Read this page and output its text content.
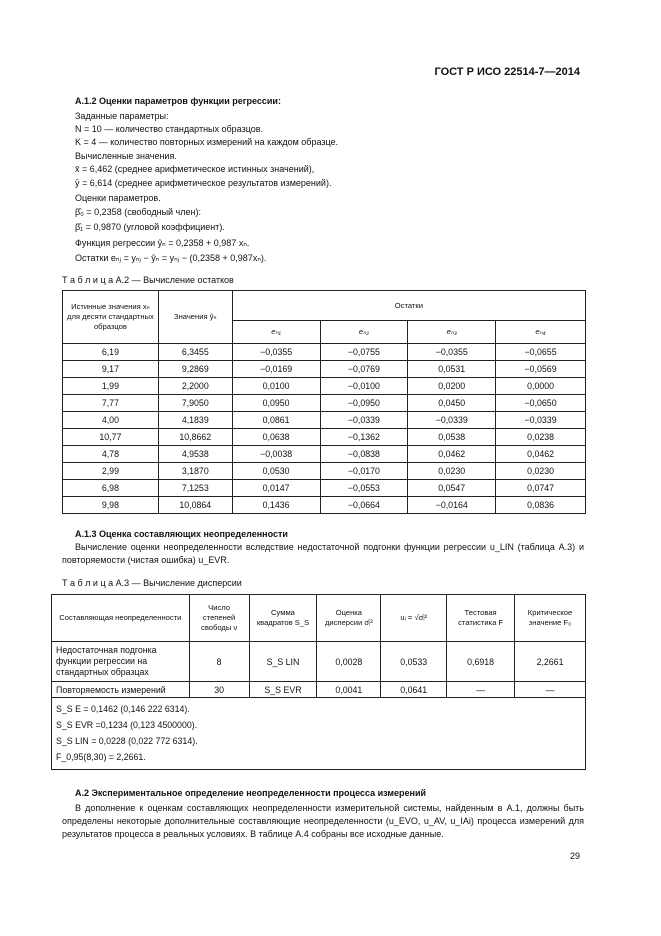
ГОСТ Р ИСО 22514-7—2014
А.1.2 Оценки параметров функции регрессии:
Заданные параметры:
N = 10 — количество стандартных образцов.
K = 4 — количество повторных измерений на каждом образце.
Вычисленные значения.
x̄ = 6,462 (среднее арифметическое истинных значений),
ȳ = 6,614 (среднее арифметическое результатов измерений).
Оценки параметров.
β̂₀ = 0,2358 (свободный член):
β̂₁ = 0,9870 (угловой коэффициент).
Функция регрессии ŷₙ = 0,2358 + 0,987 xₙ.
Остатки eₙⱼ = yₙⱼ − ŷₙ = yₙⱼ − (0,2358 + 0,987xₙ).
Т а б л и ц а А.2 — Вычисление остатков
Истинные значения xₙ для десяти стандартных образцов	Значения ŷₙ	Остатки			
		eₙ₁	eₙ₂	eₙ₃	eₙ₄
6,19	6,3455	−0,0355	−0,0755	−0,0355	−0,0655
9,17	9,2869	−0,0169	−0,0769	0,0531	−0,0569
1,99	2,2000	0,0100	−0,0100	0,0200	0,0000
7,77	7,9050	0,0950	−0,0950	0,0450	−0,0650
4,00	4,1839	0,0861	−0,0339	−0,0339	−0,0339
10,77	10,8662	0,0638	−0,1362	0,0538	0,0238
4,78	4,9538	−0,0038	−0,0838	0,0462	0,0462
2,99	3,1870	0,0530	−0,0170	0,0230	0,0230
6,98	7,1253	0,0147	−0,0553	0,0547	0,0747
9,98	10,0864	0,1436	−0,0664	−0,0164	0,0836
А.1.3 Оценка составляющих неопределенности
Вычисление оценки неопределенности вследствие недостаточной подгонки функции регрессии u_LIN (таблица А.3) и повторяемости (чистая ошибка) u_EVR.
Т а б л и ц а А.3 — Вычисление дисперсии
Составляющая неопределенности	Число степеней свободы ν	Сумма квадратов S_S	Оценка дисперсии σ̂ᵢ²	uᵢ = √σ̂ᵢ²	Тестовая статистика F	Критическое значение F₀
Недостаточная подгонка функции регрессии на стандартных образцах	8	S_S LIN	0,0028	0,0533	0,6918	2,2661
Повторяемость измерений	30	S_S EVR	0,0041	0,0641	—	—

S_S E = 0,1462 (0,146 222 6314).
S_S EVR =0,1234 (0,123 4500000).
S_S LIN = 0,0228 (0,022 772 6314).
F_0,95(8,30) = 2,2661.						
А.2 Экспериментальное определение неопределенности процесса измерений
В дополнение к оценкам составляющих неопределенности измерительной системы, найденным в А.1, должны быть определены некоторые дополнительные составляющие неопределенности (u_EVO, u_AV, u_IAi) процесса измерений для результатов процесса в реальных условиях. В таблице А.4 собраны все исходные данные.
29
